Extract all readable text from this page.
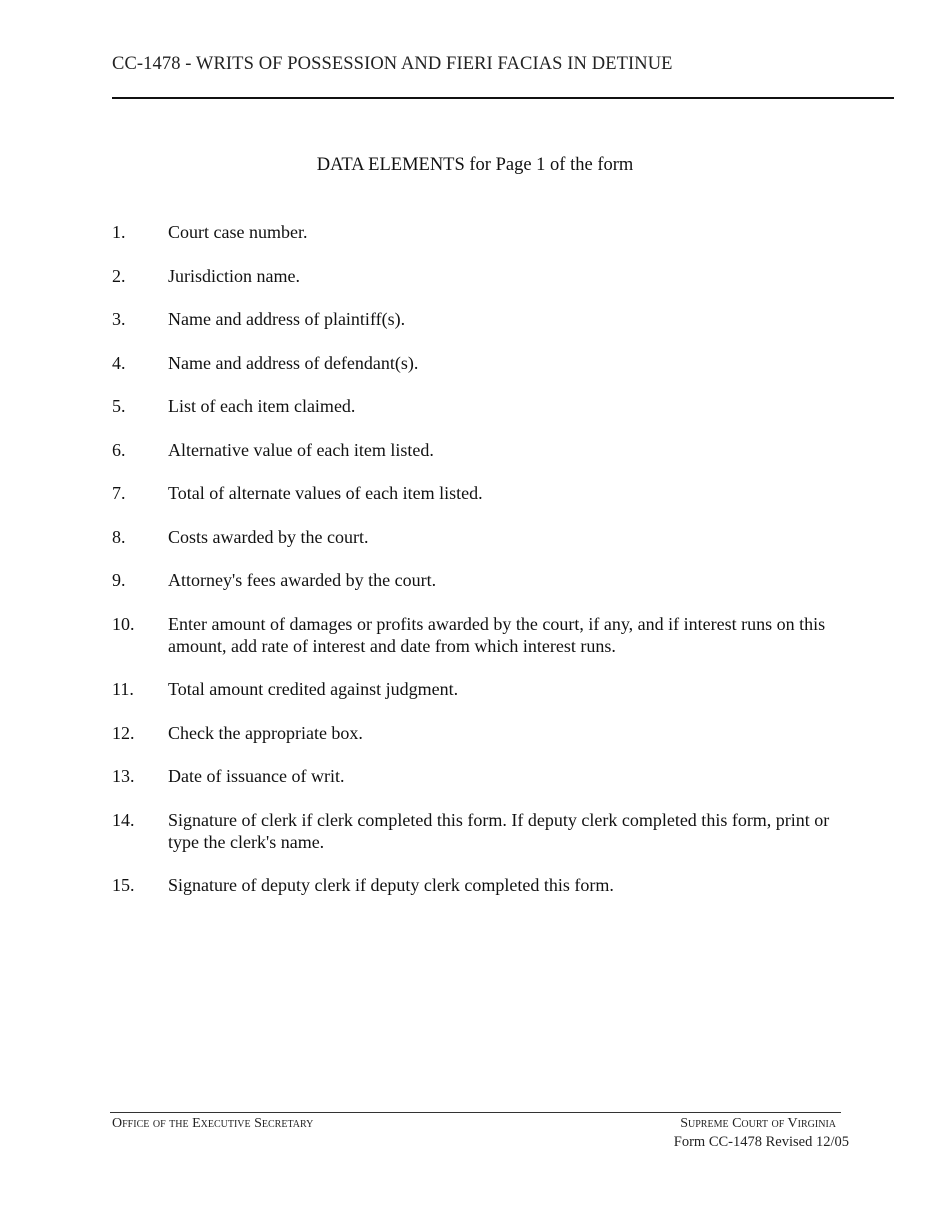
CC-1478 - WRITS OF POSSESSION AND FIERI FACIAS IN DETINUE
DATA ELEMENTS for Page 1 of the form
1.	Court case number.
2.	Jurisdiction name.
3.	Name and address of plaintiff(s).
4.	Name and address of defendant(s).
5.	List of each item claimed.
6.	Alternative value of each item listed.
7.	Total of alternate values of each item listed.
8.	Costs awarded by the court.
9.	Attorney's fees awarded by the court.
10.	Enter amount of damages or profits awarded by the court, if any, and if interest runs on this amount, add rate of interest and date from which interest runs.
11.	Total amount credited against judgment.
12.	Check the appropriate box.
13.	Date of issuance of writ.
14.	Signature of clerk if clerk completed this form. If deputy clerk completed this form, print or type the clerk's name.
15.	Signature of deputy clerk if deputy clerk completed this form.
Office of the Executive Secretary	Supreme Court of Virginia
Form CC-1478 Revised 12/05
